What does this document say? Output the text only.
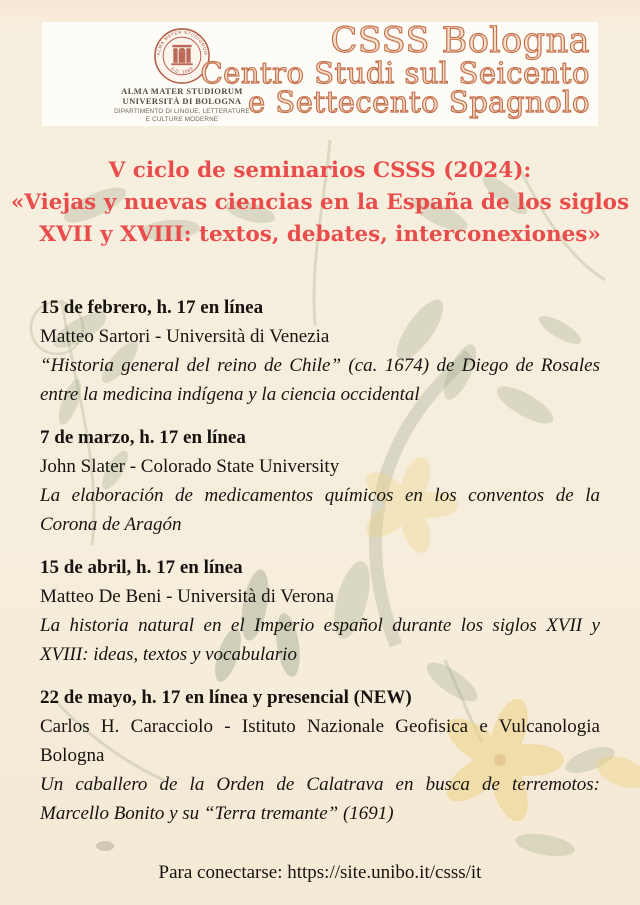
ALMA MATER STUDIORUM
A.D. 1088
ALMA MATER STUDIORUM
UNIVERSITÀ DI BOLOGNA
DIPARTIMENTO DI LINGUE, LETTERATURE
E CULTURE MODERNE
CSSS Bologna
Centro Studi sul Seicento
e Settecento Spagnolo
V ciclo de seminarios CSSS (2024):
«Viejas y nuevas ciencias en la España de los siglos
XVII y XVIII: textos, debates, interconexiones»
15 de febrero, h. 17 en línea
Matteo Sartori - Università di Venezia
“Historia general del reino de Chile” (ca. 1674) de Diego de Rosales entre la medicina indígena y la ciencia occidental
7 de marzo, h. 17 en línea
John Slater - Colorado State University
La elaboración de medicamentos químicos en los conventos de la Corona de Aragón
15 de abril, h. 17 en línea
Matteo De Beni - Università di Verona
La historia natural en el Imperio español durante los siglos XVII y XVIII: ideas, textos y vocabulario
22 de mayo, h. 17 en línea y presencial (NEW)
Carlos H. Caracciolo - Istituto Nazionale Geofisica e Vulcanologia Bologna
Un caballero de la Orden de Calatrava en busca de terremotos: Marcello Bonito y su “Terra tremante” (1691)
Para conectarse: https://site.unibo.it/csss/it
